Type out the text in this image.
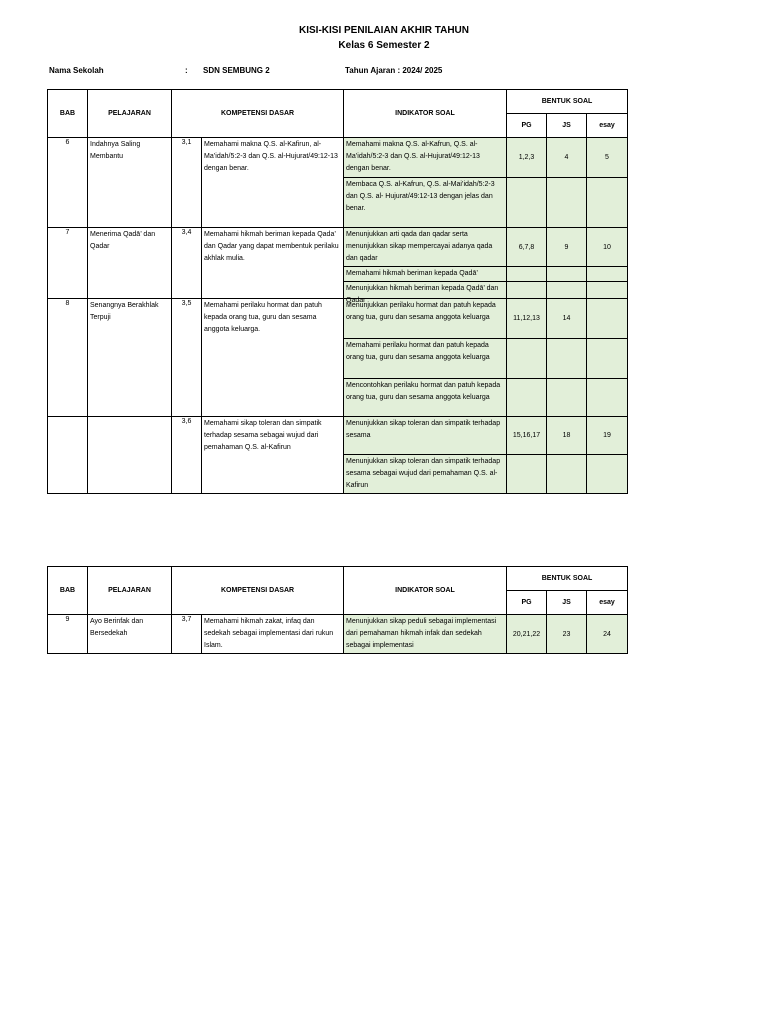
KISI-KISI PENILAIAN AKHIR TAHUN
Kelas 6 Semester 2
Nama Sekolah	: SDN SEMBUNG 2	Tahun Ajaran : 2024/ 2025
BAB	PELAJARAN	KOMPETENSI DASAR		INDIKATOR SOAL	BENTUK SOAL		
					PG	JS	esay
6	Indahnya Saling Membantu	3,1	Memahami makna Q.S. al-Kafirun, al-Ma’idah/5:2-3 dan Q.S. al-Hujurat/49:12-13 dengan benar.	Memahami makna Q.S. al-Kafrun, Q.S. al-Ma’idah/5:2-3 dan Q.S. al-Hujurat/49:12-13 dengan benar.	1,2,3	4	5
				Membaca Q.S. al-Kafrun, Q.S. al-Mai’idah/5:2-3 dan Q.S. al- Hujurat/49:12-13 dengan jelas dan benar.			
7	Menerima Qadā’ dan Qadar	3,4	Memahami hikmah beriman kepada Qada’ dan Qadar yang dapat membentuk perilaku akhlak mulia.	Menunjukkan arti qada dan qadar serta menunjukkan sikap mempercayai adanya qada dan qadar	6,7,8	9	10
				Memahami hikmah beriman kepada Qadā’			

				Menunjukkan hikmah beriman kepada Qadā’ dan			

8	Senangnya Berakhlak Terpuji	3,5	Memahami perilaku hormat dan patuh kepada orang tua, guru dan sesama anggota keluarga.	Menunjukkan perilaku hormat dan patuh kepada orang tua, guru dan sesama anggota keluarga	11,12,13	14	
				Memahami perilaku hormat dan patuh kepada orang tua, guru dan sesama anggota keluarga			
				Mencontohkan perilaku hormat dan patuh kepada orang tua, guru dan sesama anggota keluarga			
		3,6	Memahami sikap toleran dan simpatik terhadap sesama sebagai wujud dari pemahaman Q.S. al-Kafirun	Menunjukkan sikap toleran dan simpatik terhadap sesama	15,16,17	18	19
				Menunjukkan sikap toleran dan simpatik terhadap sesama sebagai wujud dari pemahaman Q.S. al-Kafirun			
BAB	PELAJARAN	KOMPETENSI DASAR		INDIKATOR SOAL	BENTUK SOAL		
					PG	JS	esay
9	Ayo Berinfak dan Bersedekah	3,7	Memahami hikmah zakat, infaq dan sedekah sebagai implementasi dari rukun Islam.	Menunjukkan sikap peduli sebagai implementasi dari pemahaman hikmah infak dan sedekah sebagai implementasi	20,21,22	23	24
